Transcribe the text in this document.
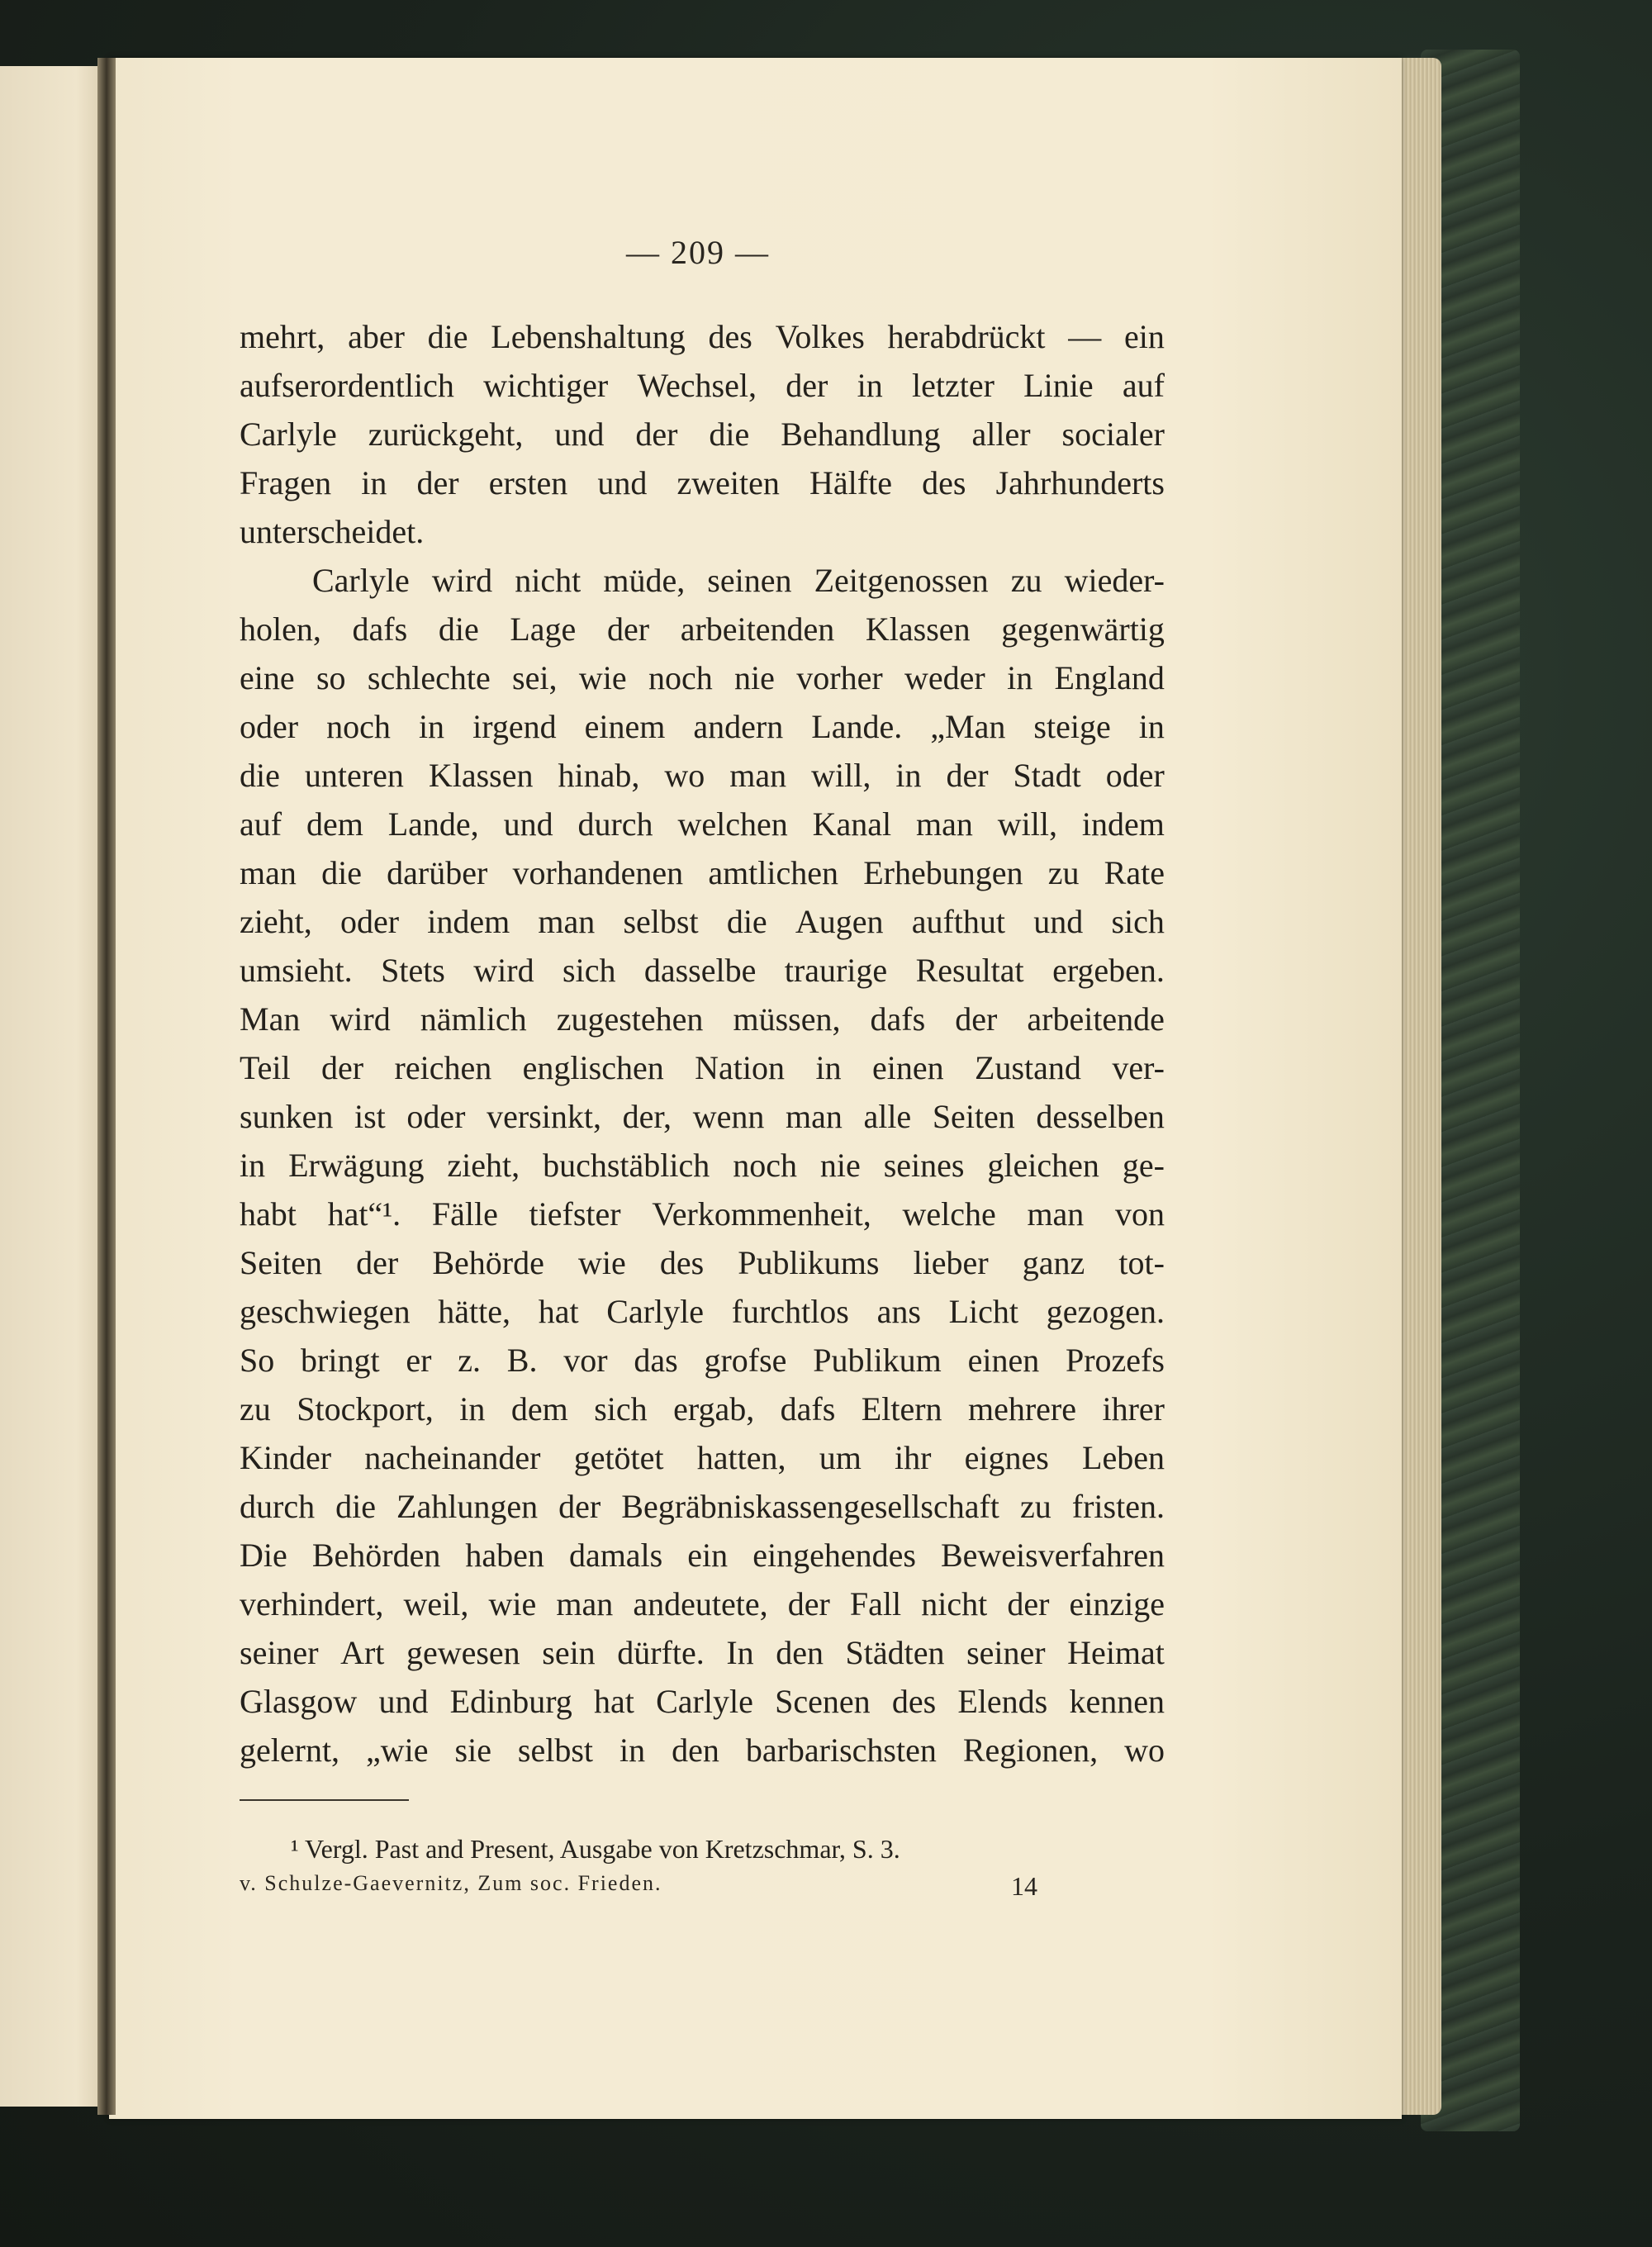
— 209 —
mehrt, aber die Lebenshaltung des Volkes herabdrückt — ein
aufserordentlich wichtiger Wechsel, der in letzter Linie auf
Carlyle zurückgeht, und der die Behandlung aller socialer
Fragen in der ersten und zweiten Hälfte des Jahrhunderts
unterscheidet.
Carlyle wird nicht müde, seinen Zeitgenossen zu wieder-
holen, dafs die Lage der arbeitenden Klassen gegenwärtig
eine so schlechte sei, wie noch nie vorher weder in England
oder noch in irgend einem andern Lande. „Man steige in
die unteren Klassen hinab, wo man will, in der Stadt oder
auf dem Lande, und durch welchen Kanal man will, indem
man die darüber vorhandenen amtlichen Erhebungen zu Rate
zieht, oder indem man selbst die Augen aufthut und sich
umsieht. Stets wird sich dasselbe traurige Resultat ergeben.
Man wird nämlich zugestehen müssen, dafs der arbeitende
Teil der reichen englischen Nation in einen Zustand ver-
sunken ist oder versinkt, der, wenn man alle Seiten desselben
in Erwägung zieht, buchstäblich noch nie seines gleichen ge-
habt hat“¹. Fälle tiefster Verkommenheit, welche man von
Seiten der Behörde wie des Publikums lieber ganz tot-
geschwiegen hätte, hat Carlyle furchtlos ans Licht gezogen.
So bringt er z. B. vor das grofse Publikum einen Prozefs
zu Stockport, in dem sich ergab, dafs Eltern mehrere ihrer
Kinder nacheinander getötet hatten, um ihr eignes Leben
durch die Zahlungen der Begräbniskassengesellschaft zu fristen.
Die Behörden haben damals ein eingehendes Beweisverfahren
verhindert, weil, wie man andeutete, der Fall nicht der einzige
seiner Art gewesen sein dürfte. In den Städten seiner Heimat
Glasgow und Edinburg hat Carlyle Scenen des Elends kennen
gelernt, „wie sie selbst in den barbarischsten Regionen, wo
¹ Vergl. Past and Present, Ausgabe von Kretzschmar, S. 3.
v. Schulze-Gaevernitz, Zum soc. Frieden.	14
